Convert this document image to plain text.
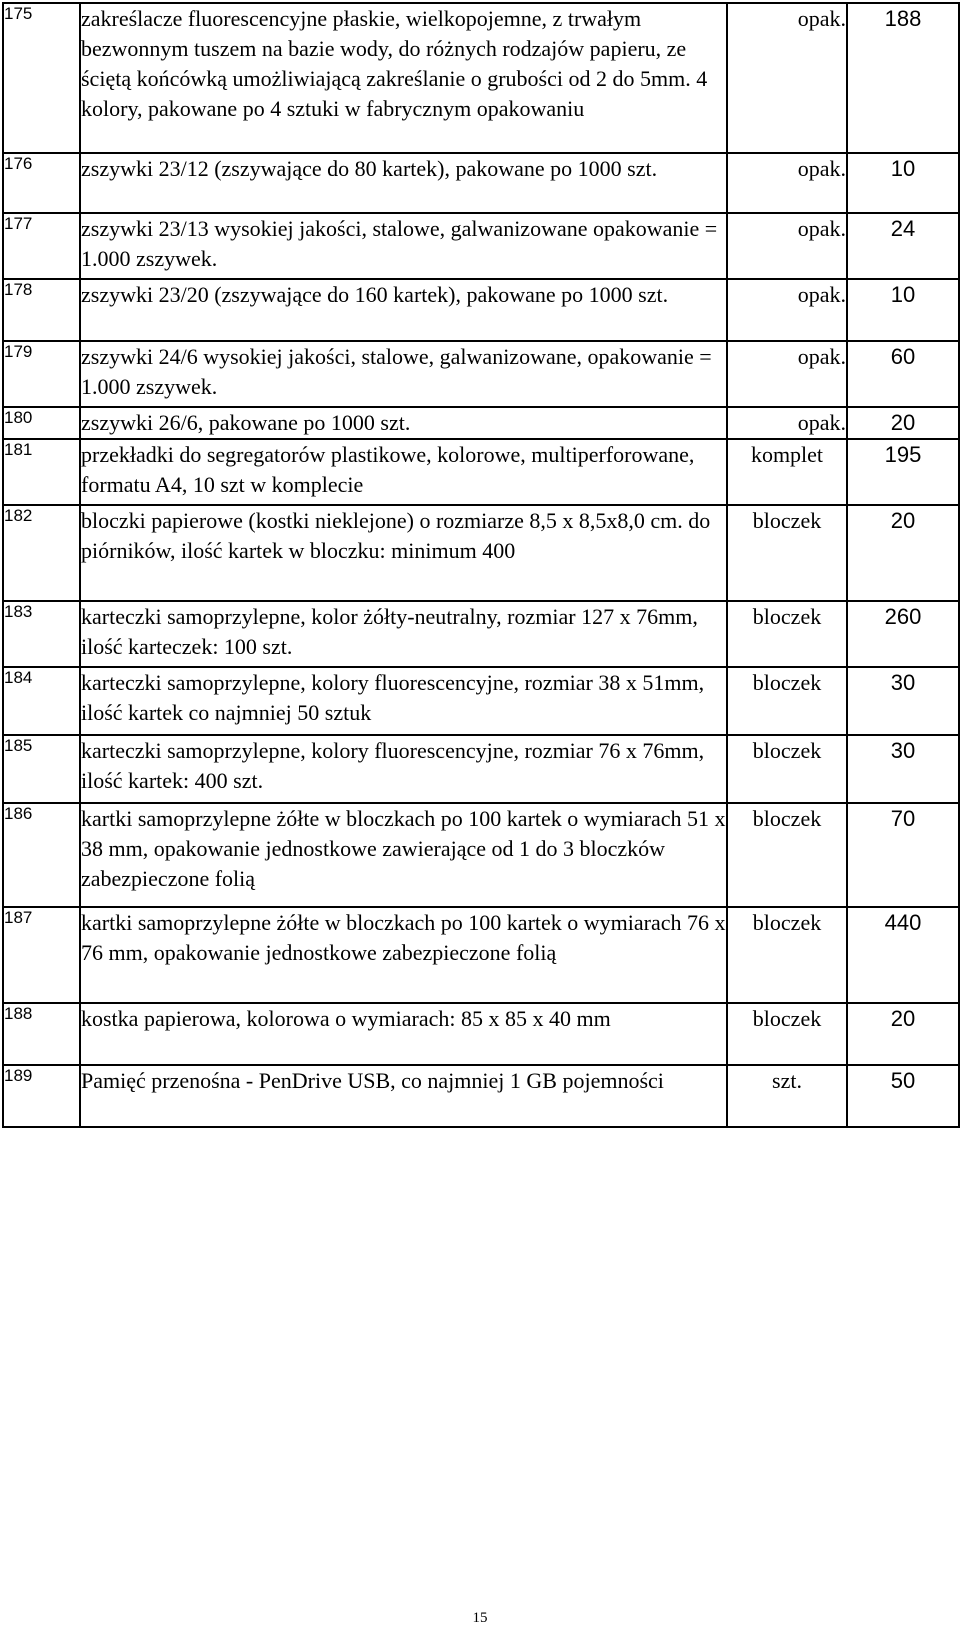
175	zakreślacze fluorescencyjne płaskie, wielkopojemne, z trwałym bezwonnym tuszem na bazie wody, do różnych rodzajów papieru, ze ściętą końcówką umożliwiającą zakreślanie o grubości od 2 do 5mm. 4 kolory, pakowane po 4 sztuki w fabrycznym opakowaniu	opak.	188
176	zszywki 23/12 (zszywające do 80 kartek), pakowane po 1000 szt.	opak.	10
177	zszywki 23/13 wysokiej jakości, stalowe, galwanizowane opakowanie = 1.000 zszywek.	opak.	24
178	zszywki 23/20 (zszywające do 160 kartek), pakowane po 1000 szt.	opak.	10
179	zszywki 24/6 wysokiej jakości, stalowe, galwanizowane, opakowanie = 1.000 zszywek.	opak.	60
180	zszywki 26/6, pakowane po 1000 szt.	opak.	20
181	przekładki do segregatorów plastikowe, kolorowe, multiperforowane, formatu A4, 10 szt w komplecie	komplet	195
182	bloczki papierowe (kostki nieklejone) o rozmiarze 8,5 x 8,5x8,0 cm. do piórników, ilość kartek w bloczku: minimum 400	bloczek	20
183	karteczki samoprzylepne, kolor żółty-neutralny, rozmiar 127 x 76mm, ilość karteczek: 100 szt.	bloczek	260
184	karteczki samoprzylepne, kolory fluorescencyjne, rozmiar 38 x 51mm, ilość kartek co najmniej 50 sztuk	bloczek	30
185	karteczki samoprzylepne, kolory fluorescencyjne, rozmiar 76 x 76mm, ilość kartek: 400 szt.	bloczek	30
186	kartki samoprzylepne żółte w bloczkach po 100 kartek o wymiarach 51 x 38 mm, opakowanie jednostkowe zawierające od 1 do 3 bloczków zabezpieczone folią	bloczek	70
187	kartki samoprzylepne żółte w bloczkach po 100 kartek o wymiarach 76 x 76 mm, opakowanie jednostkowe zabezpieczone folią	bloczek	440
188	kostka papierowa, kolorowa o wymiarach: 85 x 85 x 40 mm	bloczek	20
189	Pamięć przenośna - PenDrive USB, co najmniej 1 GB pojemności	szt.	50
15
